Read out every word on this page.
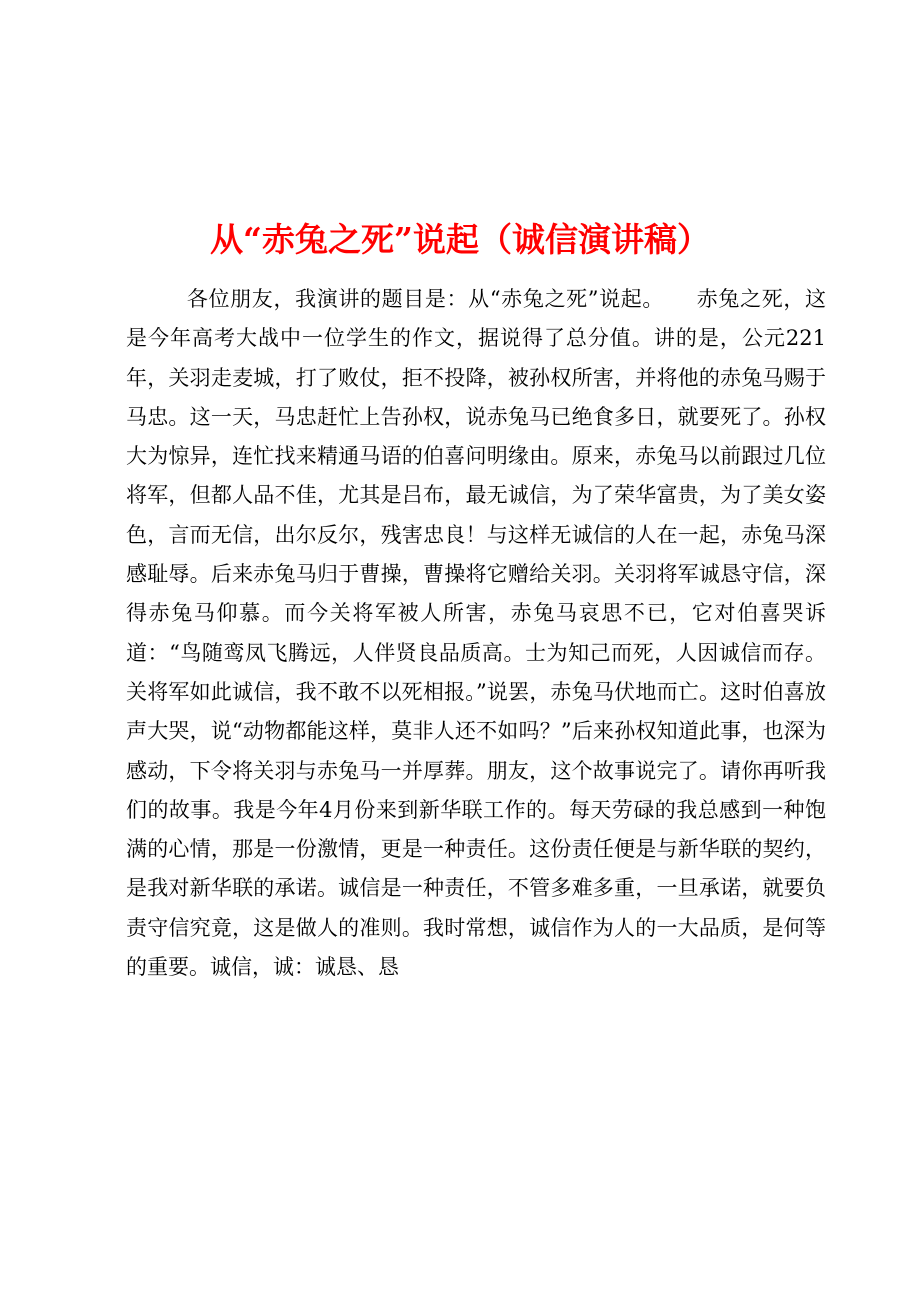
从“赤兔之死”说起（诚信演讲稿）

各位朋友，我演讲的题目是：从“赤兔之死”说起。　　赤兔之死，这是今年高考大战中一位学生的作文，据说得了总分值。讲的是，公元221年，关羽走麦城，打了败仗，拒不投降，被孙权所害，并将他的赤兔马赐于马忠。这一天，马忠赶忙上告孙权，说赤兔马已绝食多日，就要死了。孙权大为惊异，连忙找来精通马语的伯喜问明缘由。原来，赤兔马以前跟过几位将军，但都人品不佳，尤其是吕布，最无诚信，为了荣华富贵，为了美女姿色，言而无信，出尔反尔，残害忠良！与这样无诚信的人在一起，赤兔马深感耻辱。后来赤兔马归于曹操，曹操将它赠给关羽。关羽将军诚恳守信，深得赤兔马仰慕。而今关将军被人所害，赤兔马哀思不已，它对伯喜哭诉道：“鸟随鸾凤飞腾远，人伴贤良品质高。士为知己而死，人因诚信而存。关将军如此诚信，我不敢不以死相报。”说罢，赤兔马伏地而亡。这时伯喜放声大哭，说“动物都能这样，莫非人还不如吗？”后来孙权知道此事，也深为感动，下令将关羽与赤兔马一并厚葬。朋友，这个故事说完了。请你再听我们的故事。我是今年4月份来到新华联工作的。每天劳碌的我总感到一种饱满的心情，那是一份激情，更是一种责任。这份责任便是与新华联的契约，是我对新华联的承诺。诚信是一种责任，不管多难多重，一旦承诺，就要负责守信究竟，这是做人的准则。我时常想，诚信作为人的一大品质，是何等的重要。诚信，诚：诚恳、恳
